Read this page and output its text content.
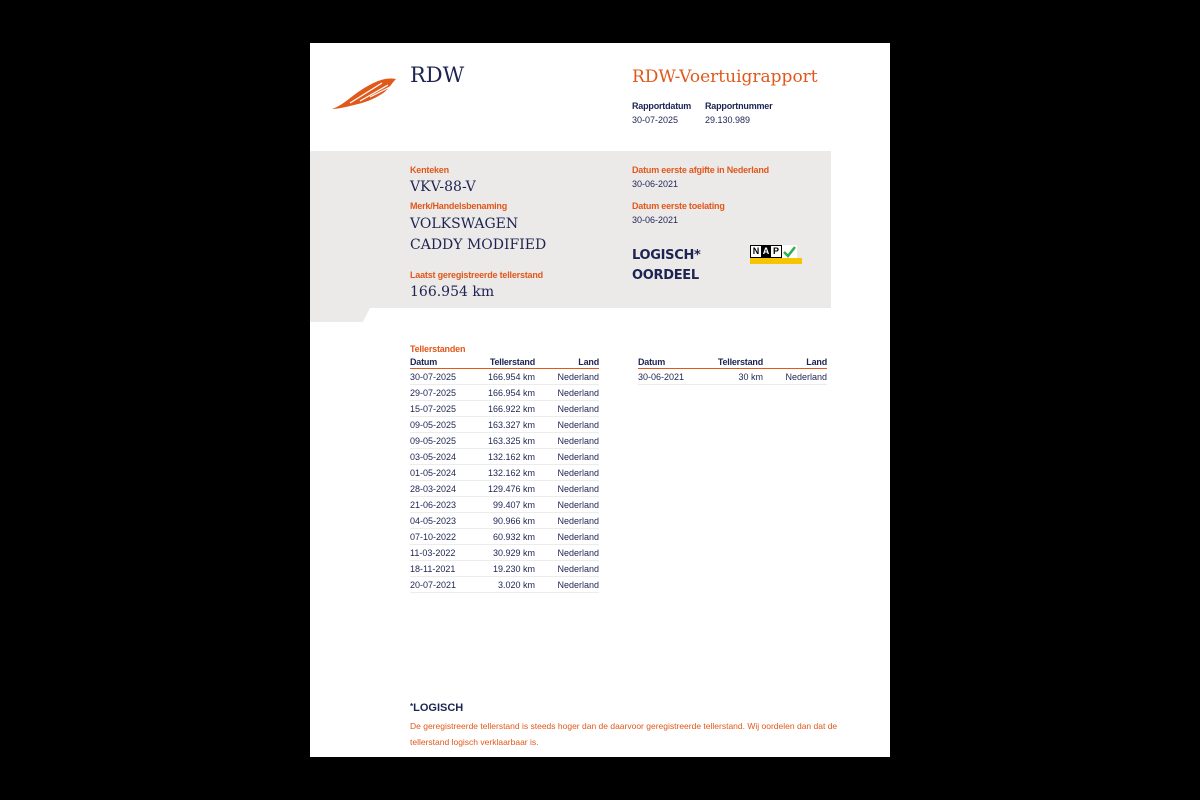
RDW	RDW-Voertuigrapport
Rapportdatum
30-07-2025
Rapportnummer
29.130.989
Kenteken
VKV-88-V
Merk/Handelsbenaming
VOLKSWAGEN
CADDY MODIFIED
Laatst geregistreerde tellerstand
166.954 km
Datum eerste afgifte in Nederland
30-06-2021
Datum eerste toelating
30-06-2021
LOGISCH*
OORDEEL
N A P
Tellerstanden
Datum	Tellerstand	Land
30-07-2025	166.954 km	Nederland
29-07-2025	166.954 km	Nederland
15-07-2025	166.922 km	Nederland
09-05-2025	163.327 km	Nederland
09-05-2025	163.325 km	Nederland
03-05-2024	132.162 km	Nederland
01-05-2024	132.162 km	Nederland
28-03-2024	129.476 km	Nederland
21-06-2023	99.407 km	Nederland
04-05-2023	90.966 km	Nederland
07-10-2022	60.932 km	Nederland
11-03-2022	30.929 km	Nederland
18-11-2021	19.230 km	Nederland
20-07-2021	3.020 km	Nederland
Datum	Tellerstand	Land
30-06-2021	30 km	Nederland
*LOGISCH
De geregistreerde tellerstand is steeds hoger dan de daarvoor geregistreerde tellerstand. Wij oordelen dan dat de tellerstand logisch verklaarbaar is.
